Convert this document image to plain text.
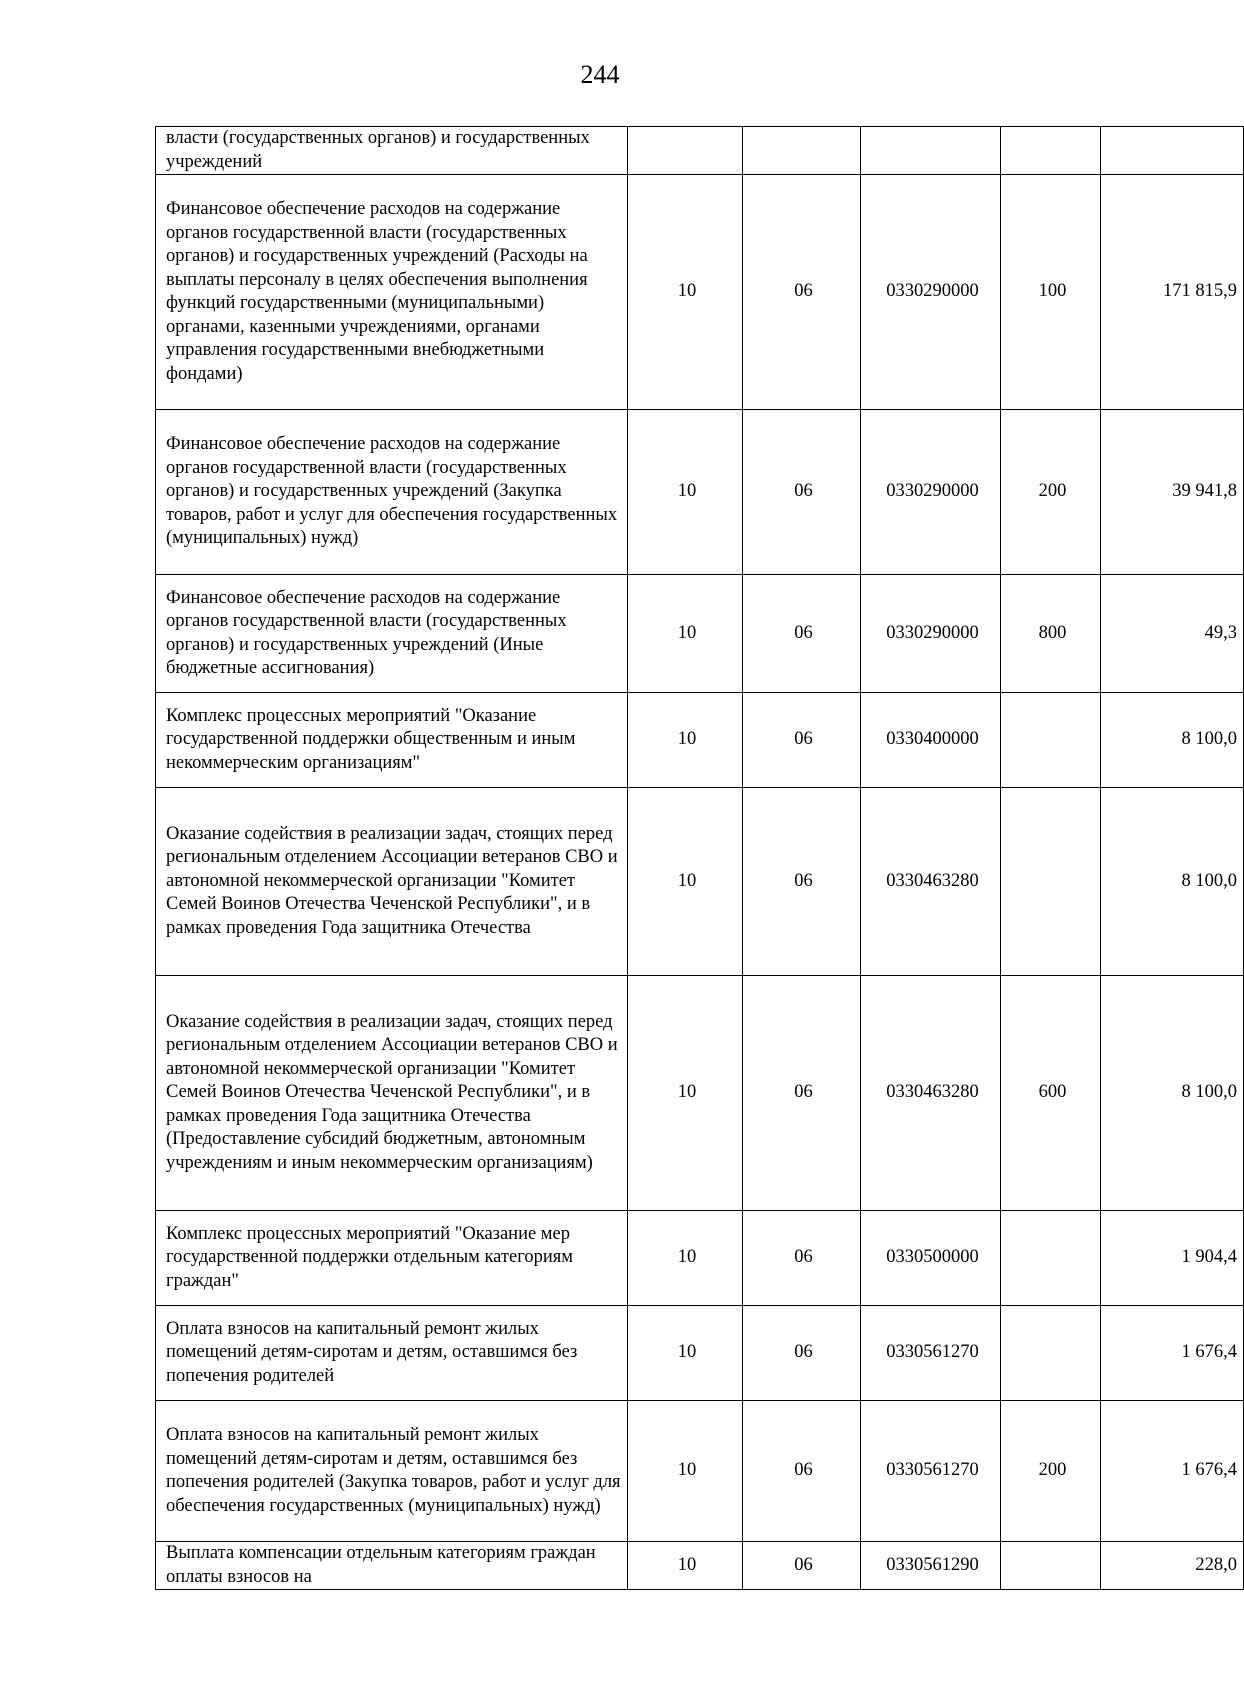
244
власти (государственных органов) и государственных учреждений					
Финансовое обеспечение расходов на содержание органов государственной власти (государственных органов) и государственных учреждений (Расходы на выплаты персоналу в целях обеспечения выполнения функций государственными (муниципальными) органами, казенными учреждениями, органами управления государственными внебюджетными фондами)	10	06	0330290000	100	171 815,9
Финансовое обеспечение расходов на содержание органов государственной власти (государственных органов) и государственных учреждений (Закупка товаров, работ и услуг для обеспечения государственных (муниципальных) нужд)	10	06	0330290000	200	39 941,8
Финансовое обеспечение расходов на содержание органов государственной власти (государственных органов) и государственных учреждений (Иные бюджетные ассигнования)	10	06	0330290000	800	49,3
Комплекс процессных мероприятий "Оказание государственной поддержки общественным и иным некоммерческим организациям"	10	06	0330400000		8 100,0
Оказание содействия в реализации задач, стоящих перед региональным отделением Ассоциации ветеранов СВО и автономной некоммерческой организации "Комитет Семей Воинов Отечества Чеченской Республики", и в рамках проведения Года защитника Отечества	10	06	0330463280		8 100,0
Оказание содействия в реализации задач, стоящих перед региональным отделением Ассоциации ветеранов СВО и автономной некоммерческой организации "Комитет Семей Воинов Отечества Чеченской Республики", и в рамках проведения Года защитника Отечества (Предоставление субсидий бюджетным, автономным учреждениям и иным некоммерческим организациям)	10	06	0330463280	600	8 100,0
Комплекс процессных мероприятий "Оказание мер государственной поддержки отдельным категориям граждан"	10	06	0330500000		1 904,4
Оплата взносов на капитальный ремонт жилых помещений детям-сиротам и детям, оставшимся без попечения родителей	10	06	0330561270		1 676,4
Оплата взносов на капитальный ремонт жилых помещений детям-сиротам и детям, оставшимся без попечения родителей (Закупка товаров, работ и услуг для обеспечения государственных (муниципальных) нужд)	10	06	0330561270	200	1 676,4
Выплата компенсации отдельным категориям граждан оплаты взносов на	10	06	0330561290		228,0
